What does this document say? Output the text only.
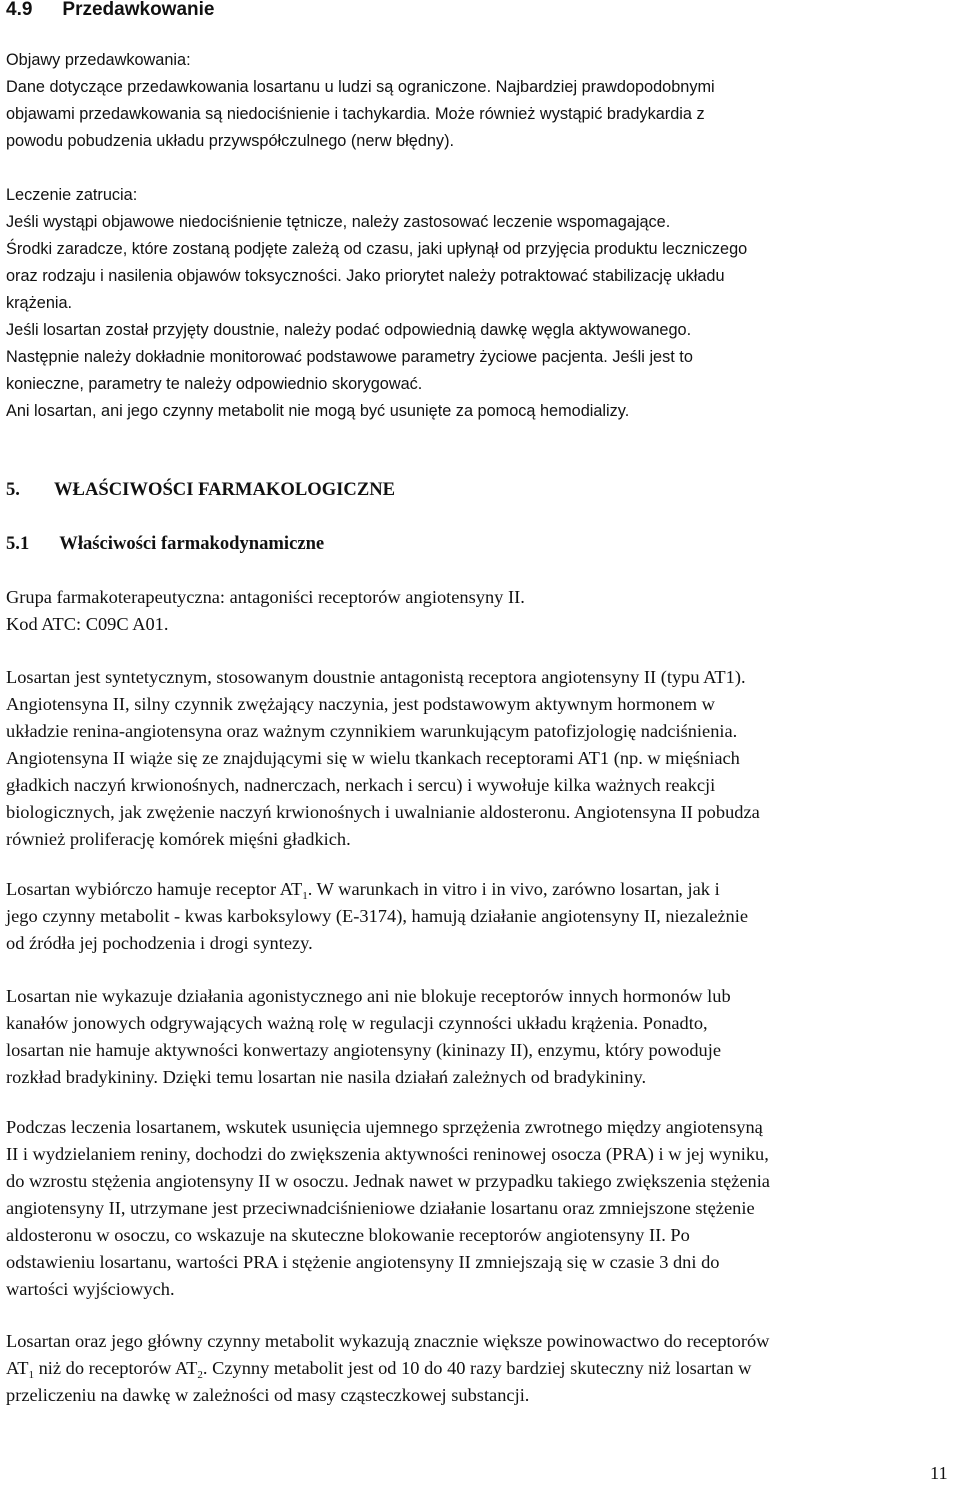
4.9 Przedawkowanie
Objawy przedawkowania:
Dane dotyczące przedawkowania losartanu u ludzi są ograniczone. Najbardziej prawdopodobnymi
objawami przedawkowania są niedociśnienie i tachykardia. Może również wystąpić bradykardia z
powodu pobudzenia układu przywspółczulnego (nerw błędny).
Leczenie zatrucia:
Jeśli wystąpi objawowe niedociśnienie tętnicze, należy zastosować leczenie wspomagające.
Środki zaradcze, które zostaną podjęte zależą od czasu, jaki upłynął od przyjęcia produktu leczniczego
oraz rodzaju i nasilenia objawów toksyczności. Jako priorytet należy potraktować stabilizację układu
krążenia.
Jeśli losartan został przyjęty doustnie, należy podać odpowiednią dawkę węgla aktywowanego.
Następnie należy dokładnie monitorować podstawowe parametry życiowe pacjenta. Jeśli jest to
konieczne, parametry te należy odpowiednio skorygować.
Ani losartan, ani jego czynny metabolit nie mogą być usunięte za pomocą hemodializy.
5. WŁAŚCIWOŚCI FARMAKOLOGICZNE
5.1 Właściwości farmakodynamiczne
Grupa farmakoterapeutyczna: antagoniści receptorów angiotensyny II.
Kod ATC: C09C A01.
Losartan jest syntetycznym, stosowanym doustnie antagonistą receptora angiotensyny II (typu AT1).
Angiotensyna II, silny czynnik zwężający naczynia, jest podstawowym aktywnym hormonem w
układzie renina-angiotensyna oraz ważnym czynnikiem warunkującym patofizjologię nadciśnienia.
Angiotensyna II wiąże się ze znajdującymi się w wielu tkankach receptorami AT1 (np. w mięśniach
gładkich naczyń krwionośnych, nadnerczach, nerkach i sercu) i wywołuje kilka ważnych reakcji
biologicznych, jak zwężenie naczyń krwionośnych i uwalnianie aldosteronu. Angiotensyna II pobudza
również proliferację komórek mięśni gładkich.
Losartan wybiórczo hamuje receptor $AT_1$. W warunkach in vitro i in vivo, zarówno losartan, jak i
jego czynny metabolit - kwas karboksylowy (E-3174), hamują działanie angiotensyny II, niezależnie
od źródła jej pochodzenia i drogi syntezy.
Losartan nie wykazuje działania agonistycznego ani nie blokuje receptorów innych hormonów lub
kanałów jonowych odgrywających ważną rolę w regulacji czynności układu krążenia. Ponadto,
losartan nie hamuje aktywności konwertazy angiotensyny (kininazy II), enzymu, który powoduje
rozkład bradykininy. Dzięki temu losartan nie nasila działań zależnych od bradykininy.
Podczas leczenia losartanem, wskutek usunięcia ujemnego sprzężenia zwrotnego między angiotensyną
II i wydzielaniem reniny, dochodzi do zwiększenia aktywności reninowej osocza (PRA) i w jej wyniku,
do wzrostu stężenia angiotensyny II w osoczu. Jednak nawet w przypadku takiego zwiększenia stężenia
angiotensyny II, utrzymane jest przeciwnadciśnieniowe działanie losartanu oraz zmniejszone stężenie
aldosteronu w osoczu, co wskazuje na skuteczne blokowanie receptorów angiotensyny II. Po
odstawieniu losartanu, wartości PRA i stężenie angiotensyny II zmniejszają się w czasie 3 dni do
wartości wyjściowych.
Losartan oraz jego główny czynny metabolit wykazują znacznie większe powinowactwo do receptorów
$AT_1$ niż do receptorów $AT_2$. Czynny metabolit jest od 10 do 40 razy bardziej skuteczny niż losartan w
przeliczeniu na dawkę w zależności od masy cząsteczkowej substancji.
11
